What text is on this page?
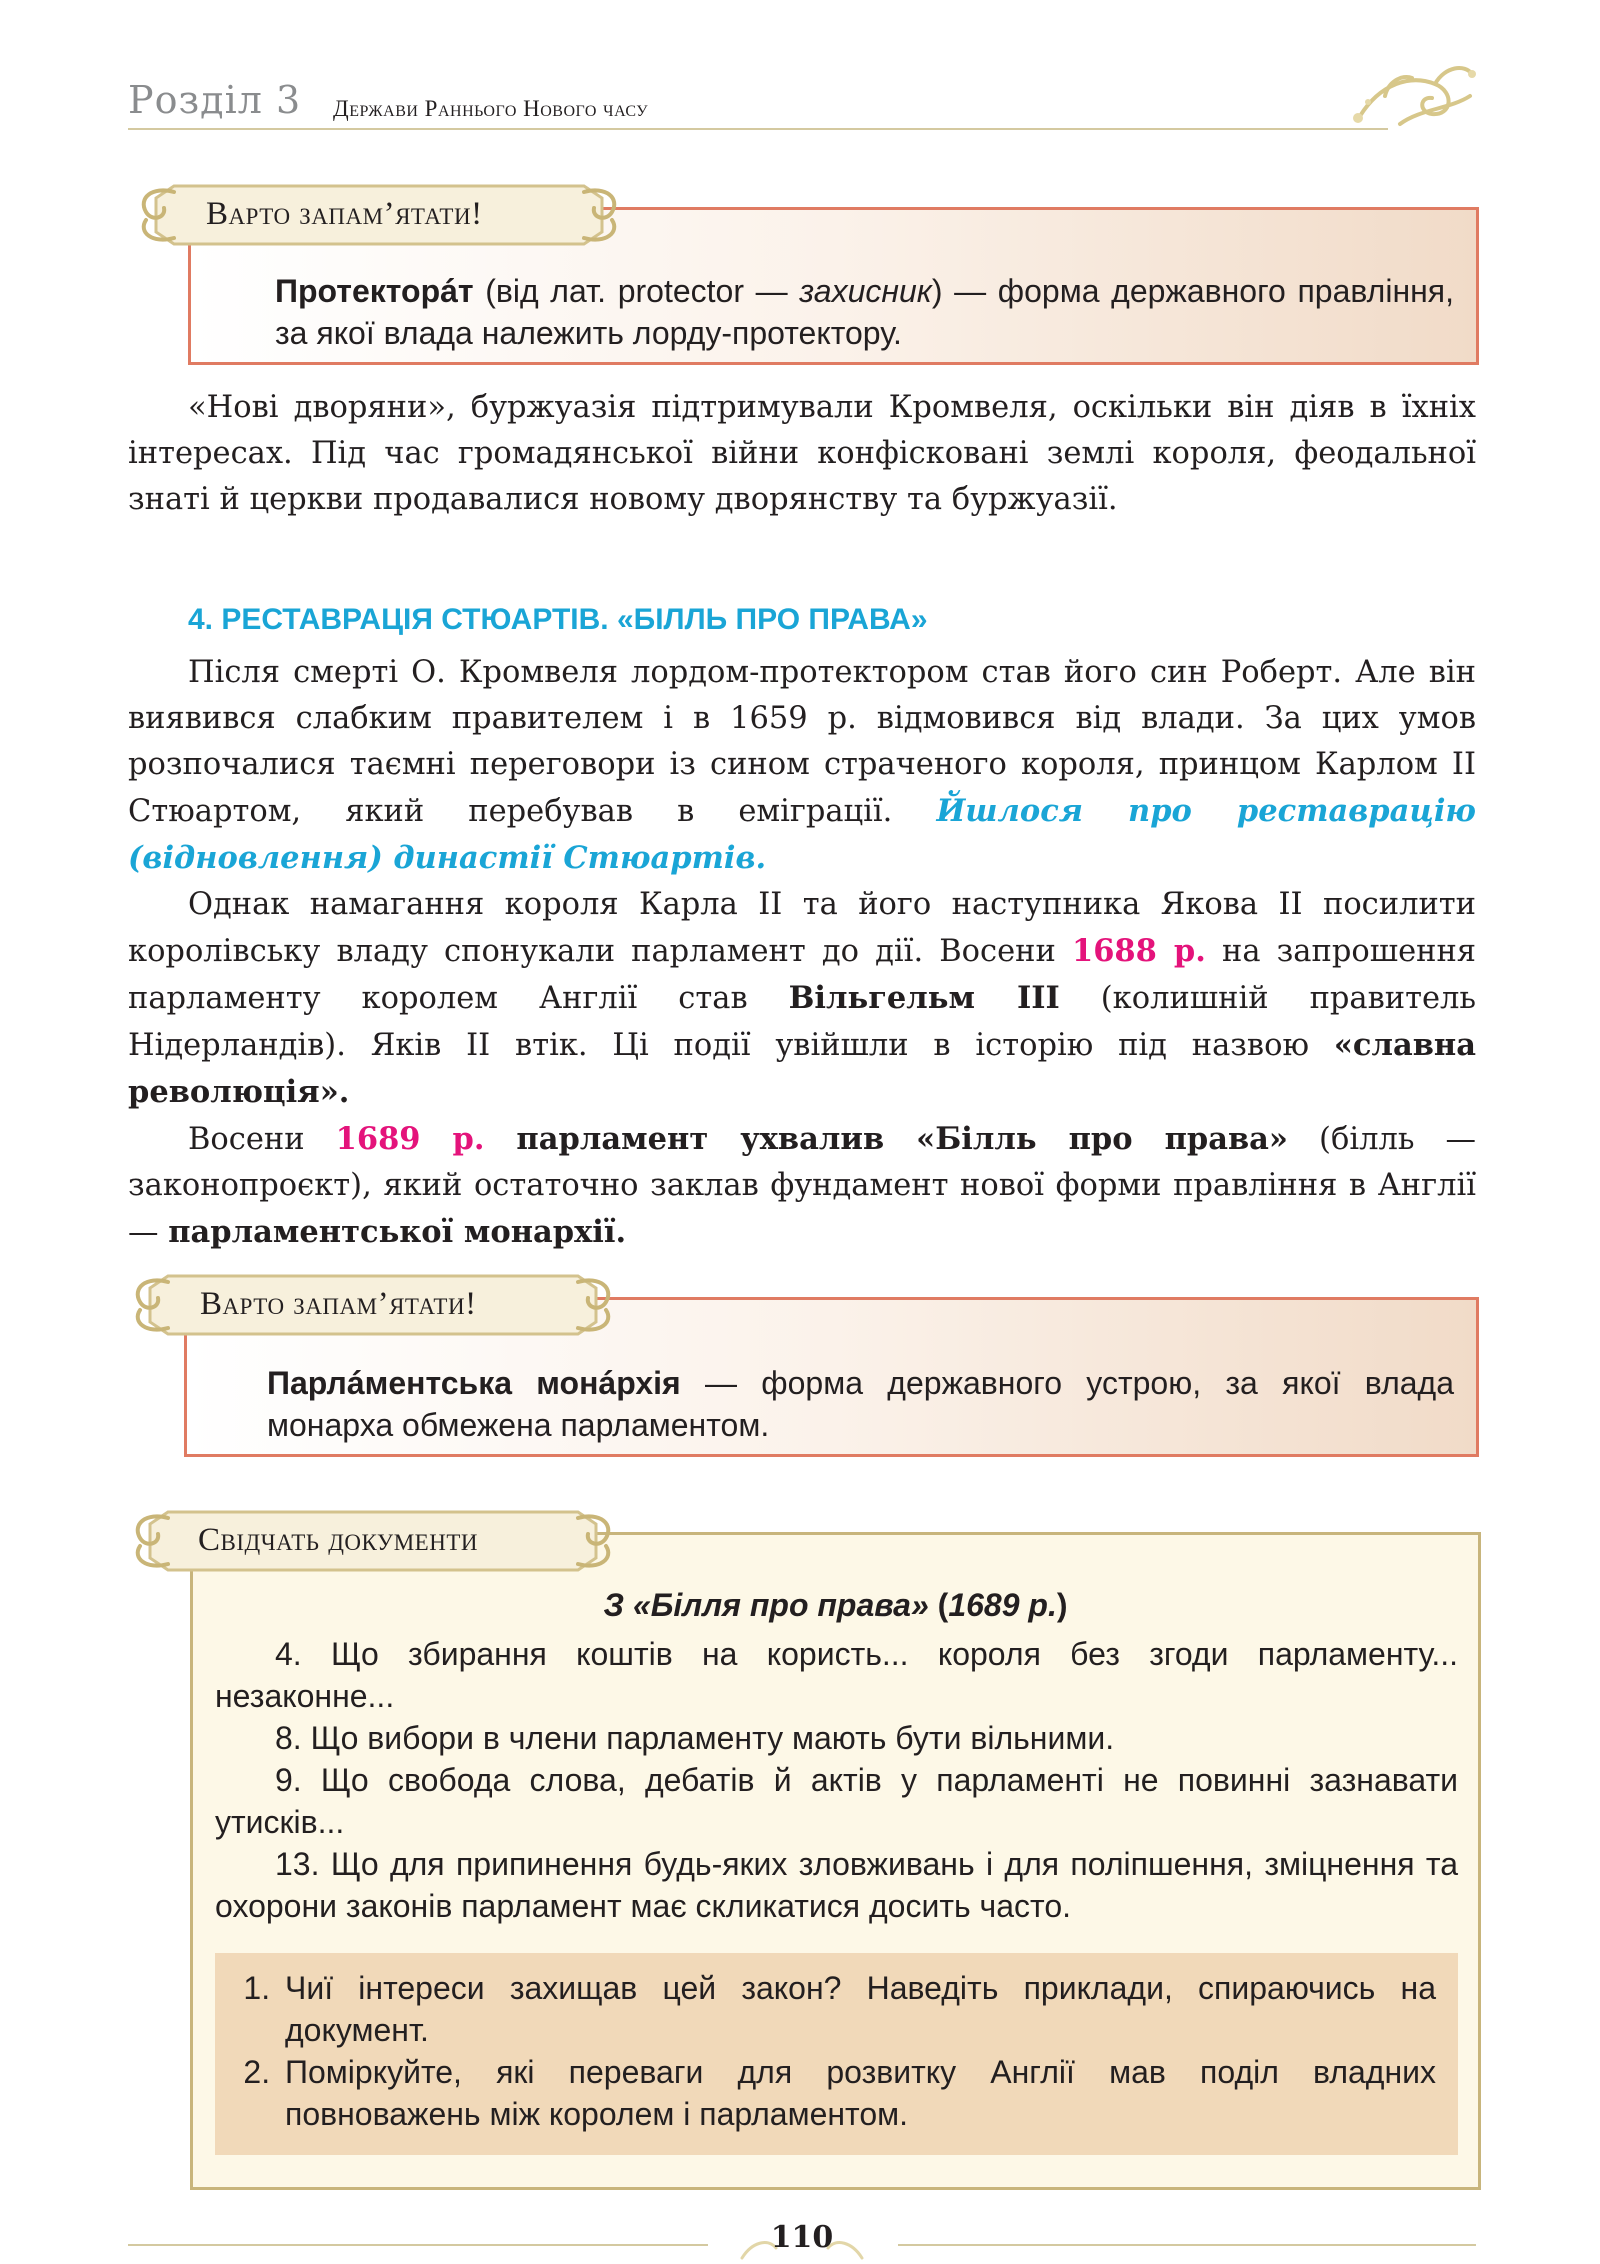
Розділ 3 Держави Раннього Нового часу
Варто запам’ятати!

Протекторáт (від лат. protector — захисник) — форма державного правління, за якої влада належить лорду-протектору.

«Нові дворяни», буржуазія підтримували Кромвеля, оскільки він діяв в їхніх інтересах. Під час громадянської війни конфісковані землі короля, феодальної знаті й церкви продавалися новому дворянству та буржуазії.

4. РЕСТАВРАЦІЯ СТЮАРТІВ. «БІЛЛЬ ПРО ПРАВА»

Після смерті О. Кромвеля лордом-протектором став його син Роберт. Але він виявився слабким правителем і в 1659 р. відмовився від влади. За цих умов розпочалися таємні переговори із сином страченого короля, принцом Карлом II Стюартом, який перебував в еміграції. Йшлося про реставрацію (відновлення) династії Стюартів.

Однак намагання короля Карла II та його наступника Якова II посилити королівську владу спонукали парламент до дії. Восени 1688 р. на запрошення парламенту королем Англії став Вільгельм III (колишній правитель Нідерландів). Яків II втік. Ці події увійшли в історію під назвою «славна революція».

Восени 1689 р. парламент ухвалив «Білль про права» (білль — законопроєкт), який остаточно заклав фундамент нової форми правління в Англії — парламентської монархії.

Варто запам’ятати!

Парлáментська монáрхія — форма державного устрою, за якої влада монарха обмежена парламентом.

Свідчать документи
З «Білля про права» (1689 р.)

4. Що збирання коштів на користь... короля без згоди парламенту... незаконне...

8. Що вибори в члени парламенту мають бути вільними.

9. Що свобода слова, дебатів й актів у парламенті не повинні зазнавати утисків...

13. Що для припинення будь-яких зловживань і для поліпшення, зміцнення та охорони законів парламент має скликатися досить часто.

1. Чиї інтереси захищав цей закон? Наведіть приклади, спираючись на документ.
2. Поміркуйте, які переваги для розвитку Англії мав поділ владних повноважень між королем і парламентом.
110
